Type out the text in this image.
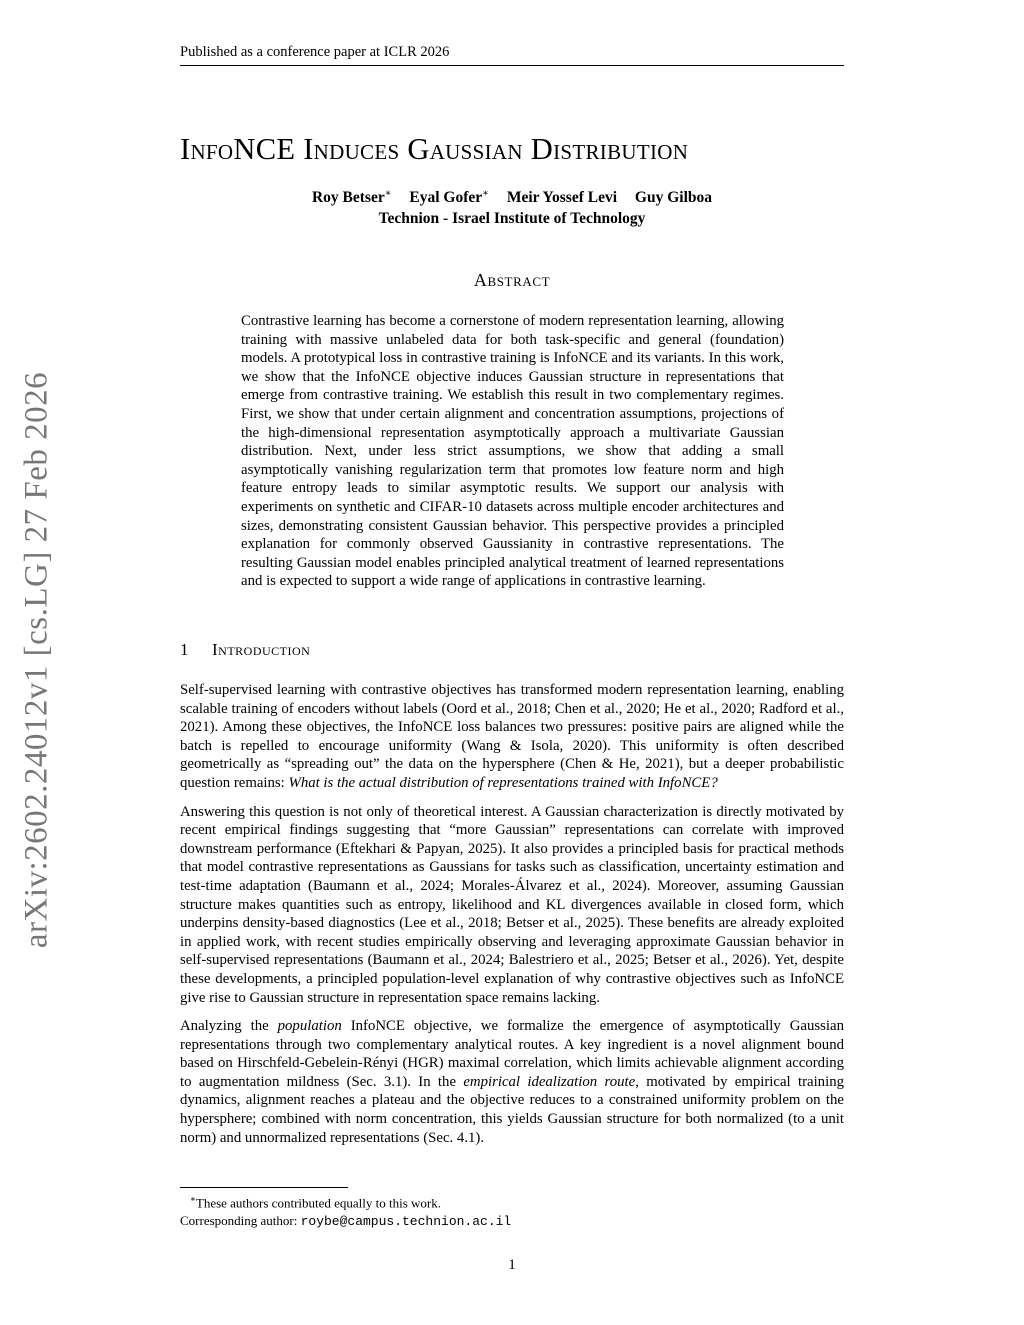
Published as a conference paper at ICLR 2026
arXiv:2602.24012v1 [cs.LG] 27 Feb 2026
InfoNCE Induces Gaussian Distribution
Roy Betser∗ Eyal Gofer∗ Meir Yossef Levi Guy Gilboa
Technion - Israel Institute of Technology
Abstract
Contrastive learning has become a cornerstone of modern representation learning, allowing training with massive unlabeled data for both task-specific and general (foundation) models. A prototypical loss in contrastive training is InfoNCE and its variants. In this work, we show that the InfoNCE objective induces Gaussian structure in representations that emerge from contrastive training. We establish this result in two complementary regimes. First, we show that under certain alignment and concentration assumptions, projections of the high-dimensional representation asymptotically approach a multivariate Gaussian distribution. Next, under less strict assumptions, we show that adding a small asymptotically vanishing regularization term that promotes low feature norm and high feature entropy leads to similar asymptotic results. We support our analysis with experiments on synthetic and CIFAR-10 datasets across multiple encoder architectures and sizes, demonstrating consistent Gaussian behavior. This perspective provides a principled explanation for commonly observed Gaussianity in contrastive representations. The resulting Gaussian model enables principled analytical treatment of learned representations and is expected to support a wide range of applications in contrastive learning.
1 Introduction

Self-supervised learning with contrastive objectives has transformed modern representation learning, enabling scalable training of encoders without labels (Oord et al., 2018; Chen et al., 2020; He et al., 2020; Radford et al., 2021). Among these objectives, the InfoNCE loss balances two pressures: positive pairs are aligned while the batch is repelled to encourage uniformity (Wang & Isola, 2020). This uniformity is often described geometrically as “spreading out” the data on the hypersphere (Chen & He, 2021), but a deeper probabilistic question remains: What is the actual distribution of representations trained with InfoNCE?

Answering this question is not only of theoretical interest. A Gaussian characterization is directly motivated by recent empirical findings suggesting that “more Gaussian” representations can correlate with improved downstream performance (Eftekhari & Papyan, 2025). It also provides a principled basis for practical methods that model contrastive representations as Gaussians for tasks such as classification, uncertainty estimation and test-time adaptation (Baumann et al., 2024; Morales-Álvarez et al., 2024). Moreover, assuming Gaussian structure makes quantities such as entropy, likelihood and KL divergences available in closed form, which underpins density-based diagnostics (Lee et al., 2018; Betser et al., 2025). These benefits are already exploited in applied work, with recent studies empirically observing and leveraging approximate Gaussian behavior in self-supervised representations (Baumann et al., 2024; Balestriero et al., 2025; Betser et al., 2026). Yet, despite these developments, a principled population-level explanation of why contrastive objectives such as InfoNCE give rise to Gaussian structure in representation space remains lacking.

Analyzing the population InfoNCE objective, we formalize the emergence of asymptotically Gaussian representations through two complementary analytical routes. A key ingredient is a novel alignment bound based on Hirschfeld-Gebelein-Rényi (HGR) maximal correlation, which limits achievable alignment according to augmentation mildness (Sec. 3.1). In the empirical idealization route, motivated by empirical training dynamics, alignment reaches a plateau and the objective reduces to a constrained uniformity problem on the hypersphere; combined with norm concentration, this yields Gaussian structure for both normalized (to a unit norm) and unnormalized representations (Sec. 4.1).

∗These authors contributed equally to this work.
Corresponding author: roybe@campus.technion.ac.il
1
